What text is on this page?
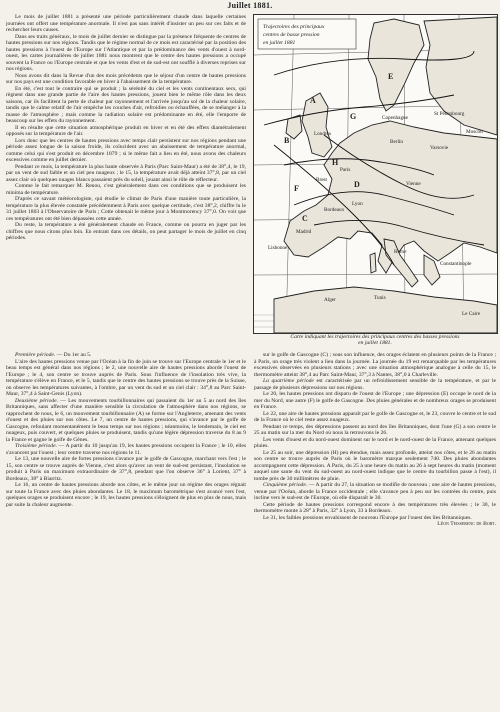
Juillet 1881.

Le mois de juillet 1881 a présenté une période particulièrement chaude dans laquelle certaines journées ont offert une température anormale. Il n'est pas sans intérêt d'insister un peu sur ces faits et de rechercher leurs causes.

Dans ses traits généraux, le mois de juillet dernier se distingue par la présence fréquente de centres de hautes pressions sur nos régions. Tandis que le régime normal de ce mois est caractérisé par la position des hautes pressions à l'ouest de l'Europe sur l'Atlantique et par la prédominance des vents d'ouest à nord-ouest, les cartes journalières de juillet 1881 nous montrent que le centre des hautes pressions a occupé souvent la France ou l'Europe centrale et que les vents d'est et de sud-est ont soufflé à diverses reprises sur nos régions.

Nous avons dit dans la Revue d'un des mois précédents que le séjour d'un centre de hautes pressions sur nos pays est une condition favorable en hiver à l'abaissement de la température.

En été, c'est tout le contraire qui se produit ; la sérénité du ciel et les vents continentaux secs, qui règnent dans une grande partie de l'aire des hautes pressions, jouent bien le même rôle dans les deux saisons, car ils facilitent la perte de chaleur par rayonnement et l'arrivée jusqu'au sol de la chaleur solaire, tandis que le calme relatif de l'air empêche les couches d'air, refroidies ou échauffées, de se mélanger à la masse de l'atmosphère ; mais comme la radiation solaire est prédominante en été, elle l'emporte de beaucoup sur les effets du rayonnement.

Il en résulte que cette situation atmosphérique produit en hiver et en été des effets diamétralement opposés sur la température de l'air.

Lors donc que les centres de hautes pressions avec temps clair persistent sur nos régions pendant une période assez longue de la saison froide, ils coïncident avec un abaissement de température anormal, comme celui qui s'est produit en décembre 1879 ; si le même fait a lieu en été, nous avons des chaleurs excessives comme en juillet dernier.

Pendant ce mois, la température la plus haute observée à Paris (Parc Saint-Maur) a été de 38°,4, le 19, par un vent de sud faible et un ciel peu nuageux ; le 15, la température avait déjà atteint 37°,8, par un ciel assez clair où quelques nuages blancs passaient près du soleil, jouant ainsi le rôle de réflecteur.

Comme le fait remarquer M. Renou, c'est généralement dans ces conditions que se produisent les minima de température.

D'après ce savant météorologiste, qui étudie le climat de Paris d'une manière toute particulière, la température la plus élevée constatée précédemment à Paris avec quelque certitude, c'est 38°,2, chiffre lu le 31 juillet 1803 à l'Observatoire de Paris ; Cotte obtenait le même jour à Montmorency 37°,0. On voit que ces températures ont été bien dépassées cette année.

Du reste, la température a été généralement chaude en France, comme on pourra en juger par les chiffres que nous citons plus loin. En entrant dans ces détails, on peut partager le mois de juillet en cinq périodes.

A
B
C
D
E
F
G
H
Trajectoires des principaux
centres de basse pression
en juillet 1881
St Pétersbourg
Londres
Paris
Berlin
Madrid
Lisbonne
Rome
Vienne
Constantinople
Le Caire
Alger	Tunis
Varsovie
Moscou
Brest
Lyon
Bordeaux
Copenhague
Carte indiquant les trajectoires des principaux centres des basses pressions
en juillet 1881.

Première période. — Du 1er au 5.

L'aire des hautes pressions venue par l'Océan à la fin de juin se trouve sur l'Europe centrale le 1er et le beau temps est général dans nos régions ; le 2, une nouvelle aire de hautes pressions aborde l'ouest de l'Europe ; le 4, son centre se trouve auprès de Paris. Sous l'influence de l'insolation très vive, la température s'élève en France, et le 5, tandis que le centre des hautes pressions se trouve près de la Suisse, on observe les températures suivantes, à l'ombre, par un vent du sud et un ciel clair : 34°,8 au Parc Saint-Maur, 37°,4 à Saint-Genis (Lyon).

Deuxième période. — Les mouvements tourbillonnaires qui passaient du 1er au 5 au nord des îles Britanniques, sans affecter d'une manière sensible la circulation de l'atmosphère dans nos régions, se rapprochent de nous, le 6, un mouvement tourbillonnaire (A) se forme sur l'Angleterre, amenant des vents d'ouest et des pluies sur nos côtes. Le 7, un centre de hautes pressions, qui s'avance par le golfe de Gascogne, refoulant momentanément le beau temps sur nos régions ; néanmoins, le lendemain, le ciel est nuageux, puis couvert, et quelques pluies se produisent, tandis qu'une légère dépression traverse du 8 au 9 la France et gagne le golfe de Gênes.

Troisième période. — A partir du 10 jusqu'au 19, les hautes pressions occupent la France ; le 10, elles s'avancent par l'ouest ; leur centre traverse nos régions le 11.

Le 13, une nouvelle aire de fortes pressions s'avance par le golfe de Gascogne, marchant vers l'est ; le 15, son centre se trouve auprès de Vienne, c'est alors qu'avec un vent de sud-est persistant, l'insolation se produit à Paris un maximum extraordinaire de 37°,8, pendant que l'on observe 36° à Lorient, 37° à Bordeaux, 38° à Biarritz.

Le 16, un centre de hautes pressions aborde nos côtes, et le même jour un régime des orages régnait sur toute la France avec des pluies abondantes. Le 18, le maximum barométrique s'est avancé vers l'est, quelques orages se produisent encore ; le 19, les hautes pressions s'éloignent de plus en plus de nous, mais par suite la chaleur augmente.

sur le golfe de Gascogne (C) ; sous son influence, des orages éclatent en plusieurs points de la France ; à Paris, un orage très violent a lieu dans la journée. La journée du 19 est remarquable par les températures excessives observées en plusieurs stations ; avec une situation atmosphérique analogue à celle du 15, le thermomètre atteint 38°,4 au Parc Saint-Maur, 37°,3 à Nantes, 38°,0 à Charleville.

La quatrième période est caractérisée par un refroidissement sensible de la température, et par le passage de plusieurs dépressions sur nos régions.

Le 20, les hautes pressions ont disparu de l'ouest de l'Europe ; une dépression (E) occupe le nord de la mer du Nord, une autre (F) le golfe de Gascogne. Des pluies générales et de nombreux orages se produisent en France.

Le 22, une aire de hautes pressions apparaît par le golfe de Gascogne et, le 23, couvre le centre et le sud de la France où le ciel reste assez nuageux.

Pendant ce temps, des dépressions passent au nord des îles Britanniques, dont l'une (G) a son centre le 25 au matin sur la mer du Nord où nous la retrouvons le 26.

Les vents d'ouest et du nord-ouest dominent sur le nord et le nord-ouest de la France, amenant quelques pluies.

Le 25 au soir, une dépression (H) peu étendue, mais assez profonde, atteint nos côtes, et le 26 au matin son centre se trouve auprès de Paris où le baromètre marque seulement 740. Des pluies abondantes accompagnent cette dépression. A Paris, du 25 à une heure du matin au 26 à sept heures du matin (moment auquel une saute du vent du sud-ouest au nord-ouest indique que le centre du tourbillon passe à l'est), il tombe près de 30 millimètres de pluie.

Cinquième période. — A partir du 27, la situation se modifie de nouveau ; une aire de hautes pressions, venue par l'Océan, aborde la France occidentale ; elle s'avance peu à peu sur les contrées du centre, puis incline vers le sud-est de l'Europe, où elle disparaît le 30.

Cette période de hautes pressions correspond encore à des températures très élevées ; le 30, le thermomètre monte à 28° à Paris, 32° à Lyon, 33 à Bordeaux.

Le 31, les faibles pressions envahissent de nouveau l'Europe par l'ouest des îles Britanniques.

Léon Teisserenc de Bort.
